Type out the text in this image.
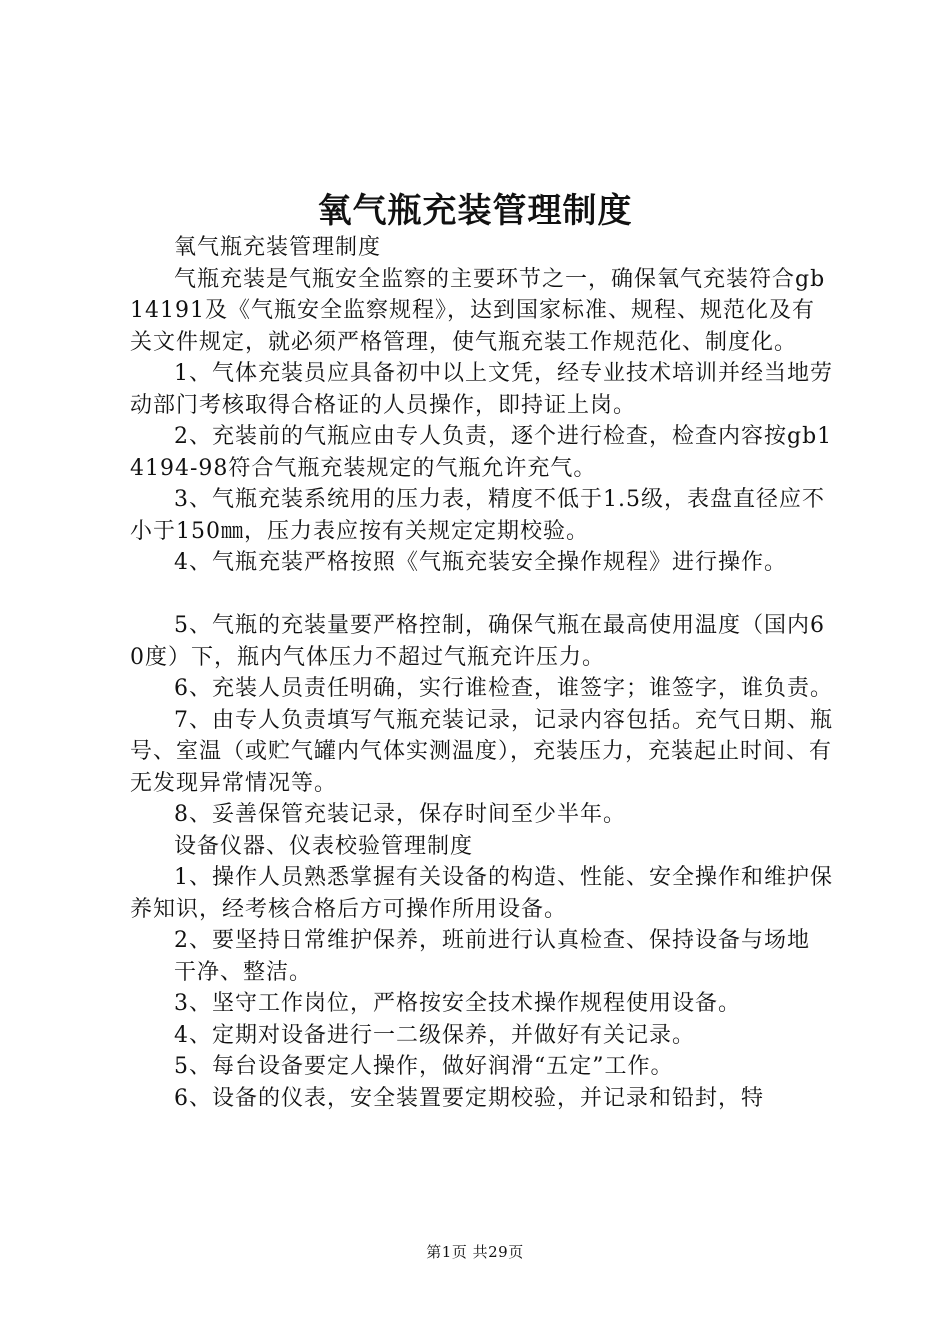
氧气瓶充装管理制度

氧气瓶充装管理制度

气瓶充装是气瓶安全监察的主要环节之一，确保氧气充装符合gb14191及《气瓶安全监察规程》，达到国家标准、规程、规范化及有关文件规定，就必须严格管理，使气瓶充装工作规范化、制度化。

1、气体充装员应具备初中以上文凭，经专业技术培训并经当地劳动部门考核取得合格证的人员操作，即持证上岗。

2、充装前的气瓶应由专人负责，逐个进行检查，检查内容按gb14194-98符合气瓶充装规定的气瓶允许充气。

3、气瓶充装系统用的压力表，精度不低于1.5级，表盘直径应不小于150㎜，压力表应按有关规定定期校验。

4、气瓶充装严格按照《气瓶充装安全操作规程》进行操作。

5、气瓶的充装量要严格控制，确保气瓶在最高使用温度（国内60度）下，瓶内气体压力不超过气瓶充许压力。

6、充装人员责任明确，实行谁检查，谁签字；谁签字，谁负责。

7、由专人负责填写气瓶充装记录，记录内容包括。充气日期、瓶号、室温（或贮气罐内气体实测温度），充装压力，充装起止时间、有无发现异常情况等。

8、妥善保管充装记录，保存时间至少半年。

设备仪器、仪表校验管理制度

1、操作人员熟悉掌握有关设备的构造、性能、安全操作和维护保养知识，经考核合格后方可操作所用设备。

2、要坚持日常维护保养，班前进行认真检查、保持设备与场地

干净、整洁。

3、坚守工作岗位，严格按安全技术操作规程使用设备。

4、定期对设备进行一二级保养，并做好有关记录。

5、每台设备要定人操作，做好润滑“五定”工作。

6、设备的仪表，安全装置要定期校验，并记录和铅封，特

第1页 共29页
